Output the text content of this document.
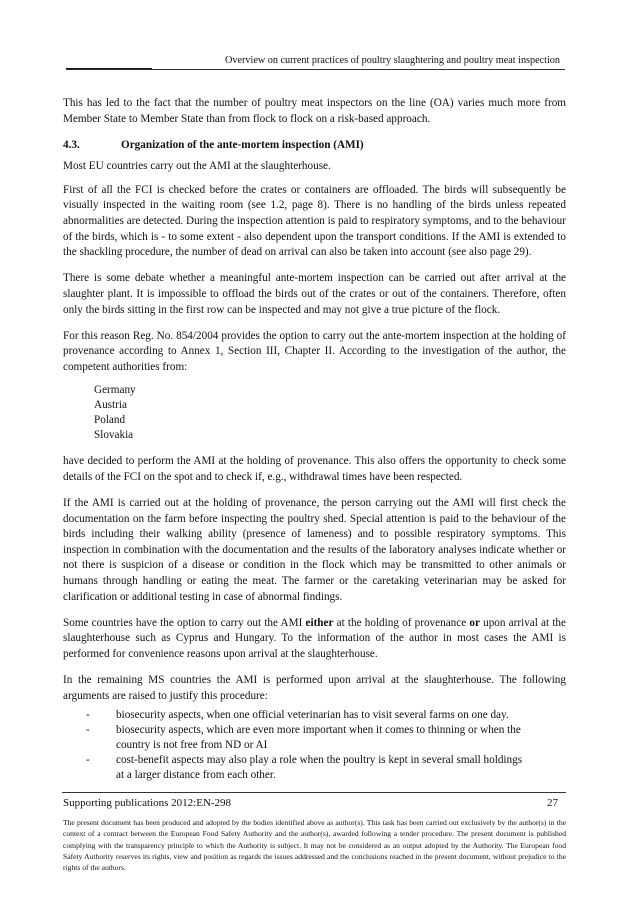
Overview on current practices of poultry slaughtering and poultry meat inspection

This has led to the fact that the number of poultry meat inspectors on the line (OA) varies much more from Member State to Member State than from flock to flock on a risk-based approach.

4.3.	Organization of the ante-mortem inspection (AMI)

Most EU countries carry out the AMI at the slaughterhouse.

First of all the FCI is checked before the crates or containers are offloaded. The birds will subsequently be visually inspected in the waiting room (see 1.2, page 8). There is no handling of the birds unless repeated abnormalities are detected. During the inspection attention is paid to respiratory symptoms, and to the behaviour of the birds, which is - to some extent - also dependent upon the transport conditions. If the AMI is extended to the shackling procedure, the number of dead on arrival can also be taken into account (see also page 29).

There is some debate whether a meaningful ante-mortem inspection can be carried out after arrival at the slaughter plant. It is impossible to offload the birds out of the crates or out of the containers. Therefore, often only the birds sitting in the first row can be inspected and may not give a true picture of the flock.

For this reason Reg. No. 854/2004 provides the option to carry out the ante-mortem inspection at the holding of provenance according to Annex 1, Section III, Chapter II. According to the investigation of the author, the competent authorities from:

Germany
Austria
Poland
Slovakia

have decided to perform the AMI at the holding of provenance. This also offers the opportunity to check some details of the FCI on the spot and to check if, e.g., withdrawal times have been respected.

If the AMI is carried out at the holding of provenance, the person carrying out the AMI will first check the documentation on the farm before inspecting the poultry shed. Special attention is paid to the behaviour of the birds including their walking ability (presence of lameness) and to possible respiratory symptoms. This inspection in combination with the documentation and the results of the laboratory analyses indicate whether or not there is suspicion of a disease or condition in the flock which may be transmitted to other animals or humans through handling or eating the meat. The farmer or the caretaking veterinarian may be asked for clarification or additional testing in case of abnormal findings.

Some countries have the option to carry out the AMI either at the holding of provenance or upon arrival at the slaughterhouse such as Cyprus and Hungary. To the information of the author in most cases the AMI is performed for convenience reasons upon arrival at the slaughterhouse.

In the remaining MS countries the AMI is performed upon arrival at the slaughterhouse. The following arguments are raised to justify this procedure:

-	biosecurity aspects, when one official veterinarian has to visit several farms on one day.
-	biosecurity aspects, which are even more important when it comes to thinning or when the country is not free from ND or AI
-	cost-benefit aspects may also play a role when the poultry is kept in several small holdings at a larger distance from each other.
Supporting publications 2012:EN-298	27
The present document has been produced and adopted by the bodies identified above as author(s). This task has been carried out exclusively by the author(s) in the context of a contract between the European Food Safety Authority and the author(s), awarded following a tender procedure. The present document is published complying with the transparency principle to which the Authority is subject. It may not be considered as an output adopted by the Authority. The European food Safety Authority reserves its rights, view and position as regards the issues addressed and the conclusions reached in the present document, without prejudice to the rights of the authors.
